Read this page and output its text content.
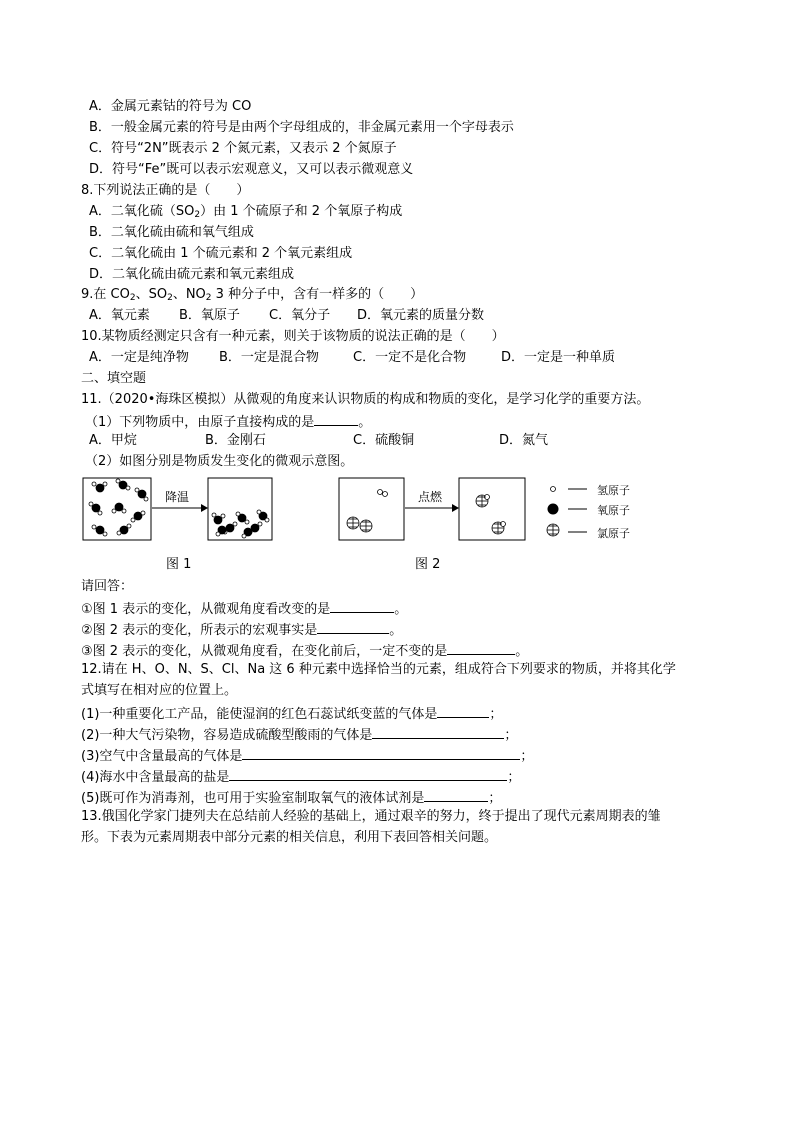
A．金属元素钴的符号为 CO
B．一般金属元素的符号是由两个字母组成的，非金属元素用一个字母表示
C．符号“2N”既表示 2 个氮元素，又表示 2 个氮原子
D．符号“Fe”既可以表示宏观意义，又可以表示微观意义
8.下列说法正确的是（　　）
A．二氧化硫$(SO_2)$由 1 个硫原子和 2 个氧原子构成
B．二氧化硫由硫和氧气组成
C．二氧化硫由 1 个硫元素和 2 个氧元素组成
D．二氧化硫由硫元素和氧元素组成
9.在 $CO_2$、$SO_2$、$NO_2$ 3 种分子中，含有一样多的（　　）
A．氧元素 B．氧原子 C．氧分子 D．氧元素的质量分数
10.某物质经测定只含有一种元素，则关于该物质的说法正确的是（　　）
A．一定是纯净物 B．一定是混合物	C．一定不是化合物	D．一定是一种单质
二、填空题
11.（2020•海珠区模拟）从微观的角度来认识物质的构成和物质的变化，是学习化学的重要方法。
（1）下列物质中，由原子直接构成的是	。
A．甲烷	B．金刚石	C．硫酸铜	D．氮气
（2）如图分别是物质发生变化的微观示意图。
降温	点燃	氢原子
氧原子
氯原子
图 1	图 2
请回答：
①图 1 表示的变化，从微观角度看改变的是	。
②图 2 表示的变化，所表示的宏观事实是	。
③图 2 表示的变化，从微观角度看，在变化前后，一定不变的是	。
12.请在 H、O、N、S、Cl、Na 这 6 种元素中选择恰当的元素，组成符合下列要求的物质，并将其化学
式填写在相对应的位置上。
(1)一种重要化工产品，能使湿润的红色石蕊试纸变蓝的气体是	；
(2)一种大气污染物，容易造成硫酸型酸雨的气体是	；
(3)空气中含量最高的气体是	；
(4)海水中含量最高的盐是	；
(5)既可作为消毒剂，也可用于实验室制取氧气的液体试剂是	；
13.俄国化学家门捷列夫在总结前人经验的基础上，通过艰辛的努力，终于提出了现代元素周期表的雏
形。下表为元素周期表中部分元素的相关信息，利用下表回答相关问题。
